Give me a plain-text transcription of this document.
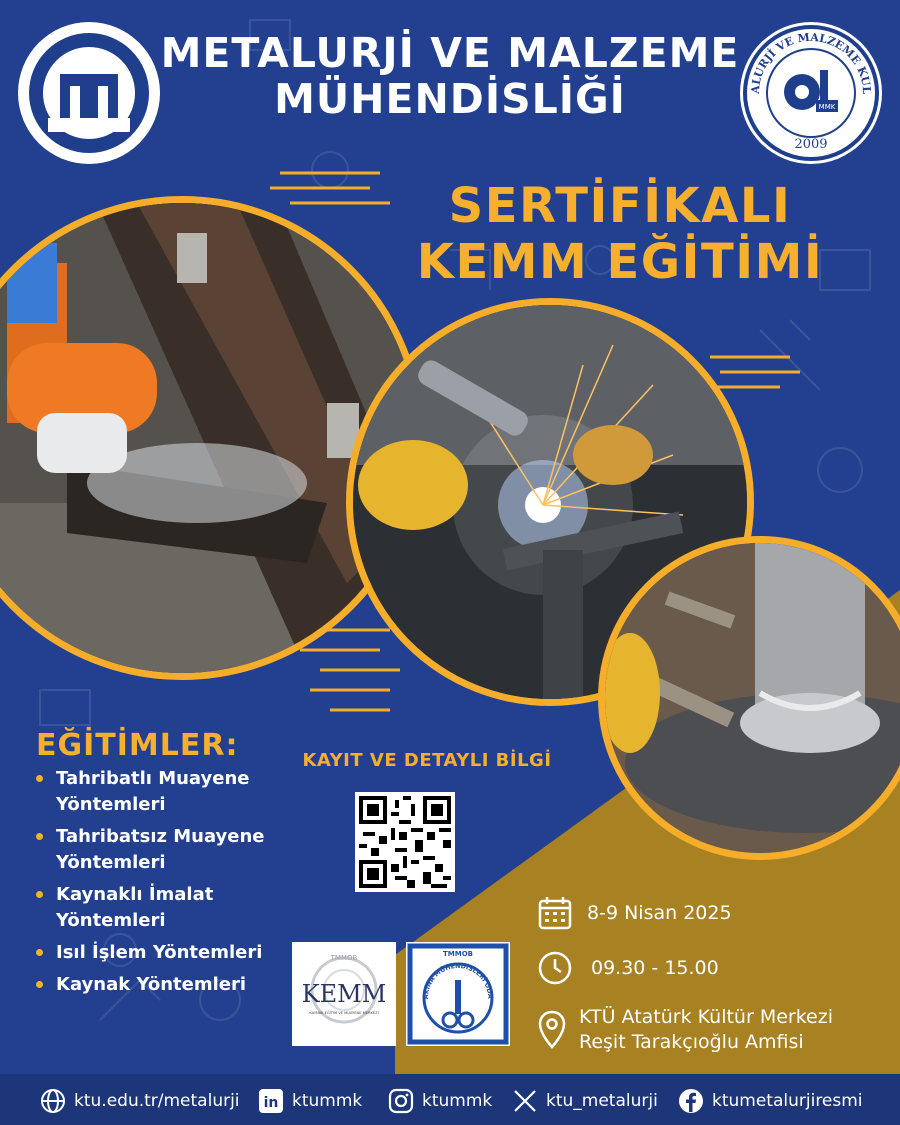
METALURJİ VE MALZEME
MÜHENDİSLİĞİ	ALURJİ VE MALZEME KUL
MMK
2009
SERTİFİKALI
KEMM EĞİTİMİ
EĞİTİMLER:
Tahribatlı Muayene Yöntemleri
Tahribatsız Muayene Yöntemleri
Kaynaklı İmalat Yöntemleri
Isıl İşlem Yöntemleri
Kaynak Yöntemleri
KAYIT VE DETAYLI BİLGİ
TMMOB
KEMM
KAYNAK EĞİTİM VE MUAYENE MERKEZİ
TMMOB
AKİNA MÜHENDİSLERİ ODA
8-9 Nisan 2025
09.30 - 15.00
KTÜ Atatürk Kültür Merkezi
Reşit Tarakçıoğlu Amfisi
ktu.edu.tr/metalurji in ktummk	ktummk	ktu_metalurji	ktumetalurjiresmi
